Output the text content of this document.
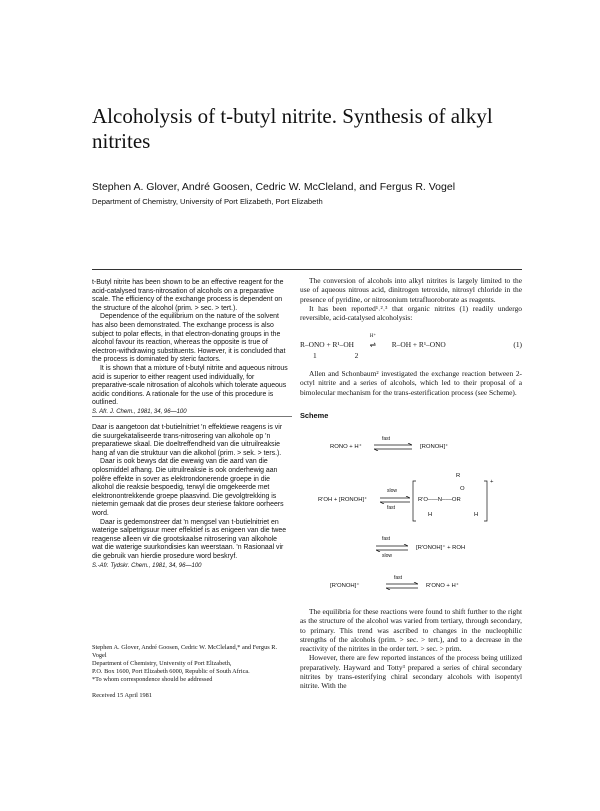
Alcoholysis of t-butyl nitrite. Synthesis of alkyl nitrites
Stephen A. Glover, André Goosen, Cedric W. McCleland, and Fergus R. Vogel
Department of Chemistry, University of Port Elizabeth, Port Elizabeth

t-Butyl nitrite has been shown to be an effective reagent for the acid-catalysed trans-nitrosation of alcohols on a preparative scale. The efficiency of the exchange process is dependent on the structure of the alcohol (prim. > sec. > tert.).

Dependence of the equilibrium on the nature of the solvent has also been demonstrated. The exchange process is also subject to polar effects, in that electron-donating groups in the alcohol favour its reaction, whereas the opposite is true of electron-withdrawing substituents. However, it is concluded that the process is dominated by steric factors.

It is shown that a mixture of t-butyl nitrite and aqueous nitrous acid is superior to either reagent used individually, for preparative-scale nitrosation of alcohols which tolerate aqueous acidic conditions. A rationale for the use of this procedure is outlined.

S. Afr. J. Chem., 1981, 34, 96—100

Daar is aangetoon dat t-butielnitriet 'n effektiewe reagens is vir die suurgekataliseerde trans-nitrosering van alkohole op 'n preparatiewe skaal. Die doeltreffendheid van die uitruilreaksie hang af van die struktuur van die alkohol (prim. > sek. > ters.).

Daar is ook bewys dat die ewewig van die aard van die oplosmiddel afhang. Die uitruilreaksie is ook onderhewig aan polêre effekte in sover as elektrondonerende groepe in die alkohol die reaksie bespoedig, terwyl die omgekeerde met elektronontrekkende groepe plaasvind. Die gevolgtrekking is nietemin gemaak dat die proses deur steriese faktore oorheers word.

Daar is gedemonstreer dat 'n mengsel van t-butielnitriet en waterige salpetrigsuur meer effektief is as enigeen van die twee reagense alleen vir die grootskaalse nitrosering van alkohole wat die waterige suurkondisies kan weerstaan. 'n Rasionaal vir die gebruik van hierdie prosedure word beskryf.

S.-Afr. Tydskr. Chem., 1981, 34, 96—100

Stephen A. Glover, André Goosen, Cedric W. McCleland,* and Fergus R. Vogel
Department of Chemistry, University of Port Elizabeth,
P.O. Box 1600, Port Elizabeth 6000, Republic of South Africa.
*To whom correspondence should be addressed
Received 15 April 1981

The conversion of alcohols into alkyl nitrites is largely limited to the use of aqueous nitrous acid, dinitrogen tetroxide, nitrosyl chloride in the presence of pyridine, or nitrosonium tetrafluoroborate as reagents.

It has been reported¹˒²˒³ that organic nitrites (1) readily undergo reversible, acid-catalysed alcoholysis:

R–ONO + R¹–OH
H⁺
⇌ R–OH + R¹–ONO	(1)
1	2

Allen and Schonbaum² investigated the exchange reaction between 2-octyl nitrite and a series of alcohols, which led to their proposal of a bimolecular mechanism for the trans-esterification process (see Scheme).

Scheme
RONO + H⁺
fast
⇌ [RONOH]⁺
R'OH + [RONOH]⁺
slow
fast
R
O
R'O–––N–––OR
H	H
+
fast
slow
⇌ [R'ONOH]⁺ + ROH
[R'ONOH]⁺
fast
⇌ R'ONO + H⁺

The equilibria for these reactions were found to shift further to the right as the structure of the alcohol was varied from tertiary, through secondary, to primary. This trend was ascribed to changes in the nucleophilic strengths of the alcohols (prim. > sec. > tert.), and to a decrease in the reactivity of the nitrites in the order tert. > sec. > prim.

However, there are few reported instances of the process being utilized preparatively. Hayward and Totty³ prepared a series of chiral secondary nitrites by trans-esterifying chiral secondary alcohols with isopentyl nitrite. With the
